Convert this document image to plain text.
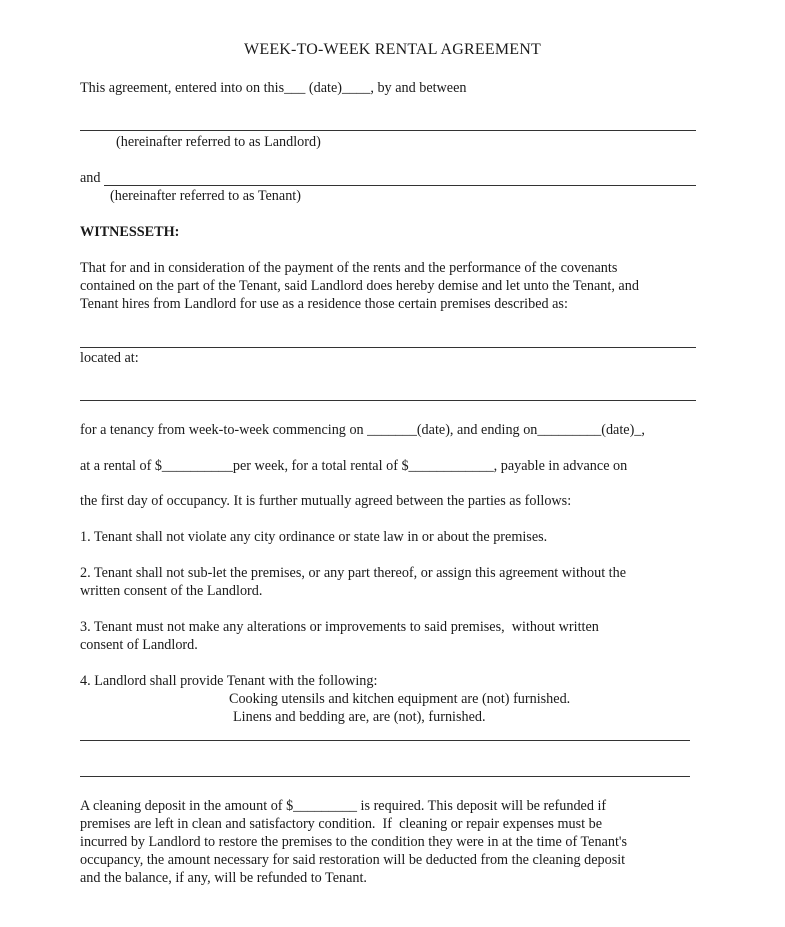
WEEK-TO-WEEK RENTAL AGREEMENT
This agreement, entered into on this___ (date)____, by and between
(hereinafter referred to as Landlord)
and
(hereinafter referred to as Tenant)
WITNESSETH:
That for and in consideration of the payment of the rents and the performance of the covenants
contained on the part of the Tenant, said Landlord does hereby demise and let unto the Tenant, and
Tenant hires from Landlord for use as a residence those certain premises described as:
located at:
for a tenancy from week-to-week commencing on _______(date), and ending on_________(date)_,
at a rental of $__________per week, for a total rental of $____________, payable in advance on
the first day of occupancy. It is further mutually agreed between the parties as follows:
1. Tenant shall not violate any city ordinance or state law in or about the premises.
2. Tenant shall not sub-let the premises, or any part thereof, or assign this agreement without the
written consent of the Landlord.
3. Tenant must not make any alterations or improvements to said premises,  without written
consent of Landlord.
4. Landlord shall provide Tenant with the following:
Cooking utensils and kitchen equipment are (not) furnished.
Linens and bedding are, are (not), furnished.
A cleaning deposit in the amount of $_________ is required. This deposit will be refunded if
premises are left in clean and satisfactory condition.  If  cleaning or repair expenses must be
incurred by Landlord to restore the premises to the condition they were in at the time of Tenant's
occupancy, the amount necessary for said restoration will be deducted from the cleaning deposit
and the balance, if any, will be refunded to Tenant.
